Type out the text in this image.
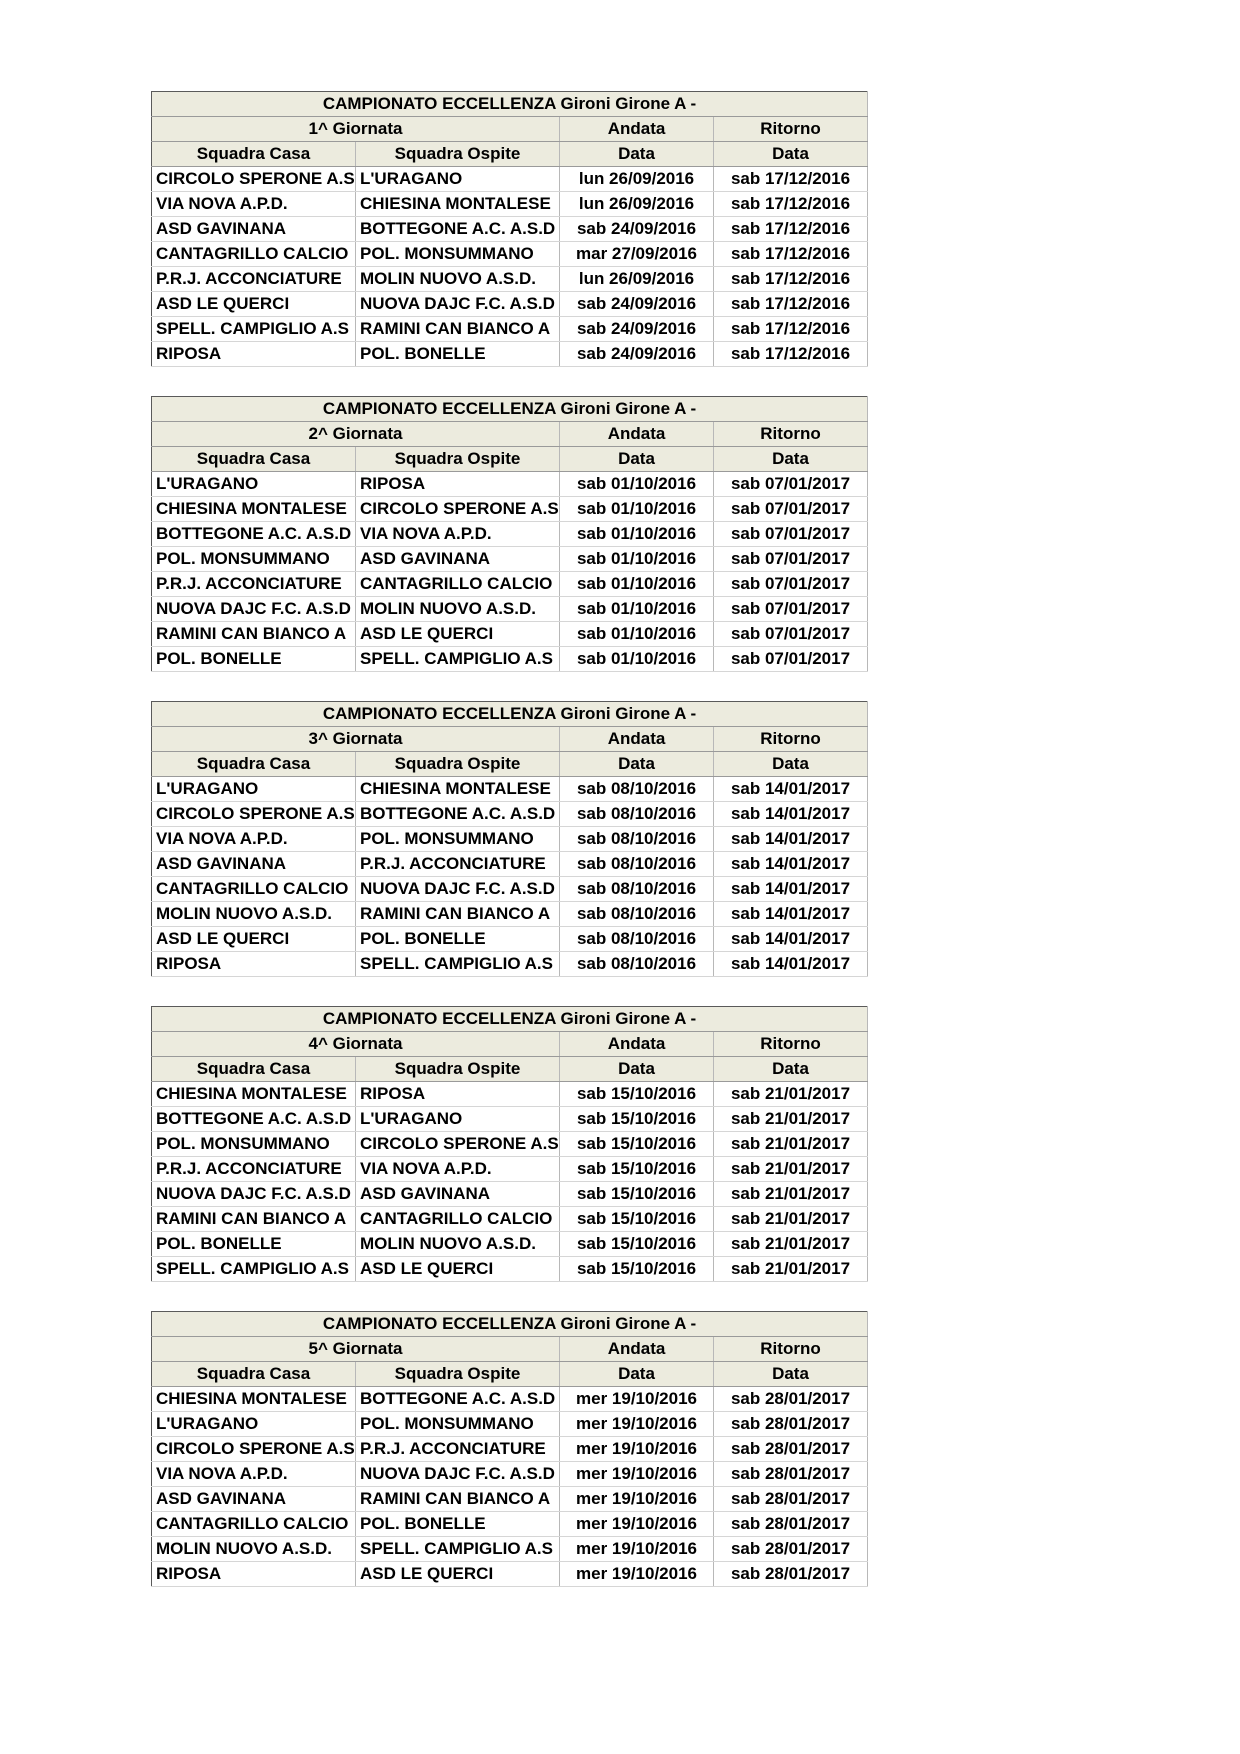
CAMPIONATO ECCELLENZA Gironi Girone A -			
1^ Giornata		Andata	Ritorno
Squadra Casa	Squadra Ospite	Data	Data
CIRCOLO SPERONE A.S	L'URAGANO	lun 26/09/2016	sab 17/12/2016
VIA NOVA A.P.D.	CHIESINA MONTALESE	lun 26/09/2016	sab 17/12/2016
ASD GAVINANA	BOTTEGONE A.C. A.S.D	sab 24/09/2016	sab 17/12/2016
CANTAGRILLO CALCIO	POL. MONSUMMANO	mar 27/09/2016	sab 17/12/2016
P.R.J. ACCONCIATURE	MOLIN NUOVO A.S.D.	lun 26/09/2016	sab 17/12/2016
ASD LE QUERCI	NUOVA DAJC F.C. A.S.D	sab 24/09/2016	sab 17/12/2016
SPELL. CAMPIGLIO A.S	RAMINI CAN BIANCO A	sab 24/09/2016	sab 17/12/2016
RIPOSA	POL. BONELLE	sab 24/09/2016	sab 17/12/2016
CAMPIONATO ECCELLENZA Gironi Girone A -			
2^ Giornata		Andata	Ritorno
Squadra Casa	Squadra Ospite	Data	Data
L'URAGANO	RIPOSA	sab 01/10/2016	sab 07/01/2017
CHIESINA MONTALESE	CIRCOLO SPERONE A.S	sab 01/10/2016	sab 07/01/2017
BOTTEGONE A.C. A.S.D	VIA NOVA A.P.D.	sab 01/10/2016	sab 07/01/2017
POL. MONSUMMANO	ASD GAVINANA	sab 01/10/2016	sab 07/01/2017
P.R.J. ACCONCIATURE	CANTAGRILLO CALCIO	sab 01/10/2016	sab 07/01/2017
NUOVA DAJC F.C. A.S.D	MOLIN NUOVO A.S.D.	sab 01/10/2016	sab 07/01/2017
RAMINI CAN BIANCO A	ASD LE QUERCI	sab 01/10/2016	sab 07/01/2017
POL. BONELLE	SPELL. CAMPIGLIO A.S	sab 01/10/2016	sab 07/01/2017
CAMPIONATO ECCELLENZA Gironi Girone A -			
3^ Giornata		Andata	Ritorno
Squadra Casa	Squadra Ospite	Data	Data
L'URAGANO	CHIESINA MONTALESE	sab 08/10/2016	sab 14/01/2017
CIRCOLO SPERONE A.S	BOTTEGONE A.C. A.S.D	sab 08/10/2016	sab 14/01/2017
VIA NOVA A.P.D.	POL. MONSUMMANO	sab 08/10/2016	sab 14/01/2017
ASD GAVINANA	P.R.J. ACCONCIATURE	sab 08/10/2016	sab 14/01/2017
CANTAGRILLO CALCIO	NUOVA DAJC F.C. A.S.D	sab 08/10/2016	sab 14/01/2017
MOLIN NUOVO A.S.D.	RAMINI CAN BIANCO A	sab 08/10/2016	sab 14/01/2017
ASD LE QUERCI	POL. BONELLE	sab 08/10/2016	sab 14/01/2017
RIPOSA	SPELL. CAMPIGLIO A.S	sab 08/10/2016	sab 14/01/2017
CAMPIONATO ECCELLENZA Gironi Girone A -			
4^ Giornata		Andata	Ritorno
Squadra Casa	Squadra Ospite	Data	Data
CHIESINA MONTALESE	RIPOSA	sab 15/10/2016	sab 21/01/2017
BOTTEGONE A.C. A.S.D	L'URAGANO	sab 15/10/2016	sab 21/01/2017
POL. MONSUMMANO	CIRCOLO SPERONE A.S	sab 15/10/2016	sab 21/01/2017
P.R.J. ACCONCIATURE	VIA NOVA A.P.D.	sab 15/10/2016	sab 21/01/2017
NUOVA DAJC F.C. A.S.D	ASD GAVINANA	sab 15/10/2016	sab 21/01/2017
RAMINI CAN BIANCO A	CANTAGRILLO CALCIO	sab 15/10/2016	sab 21/01/2017
POL. BONELLE	MOLIN NUOVO A.S.D.	sab 15/10/2016	sab 21/01/2017
SPELL. CAMPIGLIO A.S	ASD LE QUERCI	sab 15/10/2016	sab 21/01/2017
CAMPIONATO ECCELLENZA Gironi Girone A -			
5^ Giornata		Andata	Ritorno
Squadra Casa	Squadra Ospite	Data	Data
CHIESINA MONTALESE	BOTTEGONE A.C. A.S.D	mer 19/10/2016	sab 28/01/2017
L'URAGANO	POL. MONSUMMANO	mer 19/10/2016	sab 28/01/2017
CIRCOLO SPERONE A.S	P.R.J. ACCONCIATURE	mer 19/10/2016	sab 28/01/2017
VIA NOVA A.P.D.	NUOVA DAJC F.C. A.S.D	mer 19/10/2016	sab 28/01/2017
ASD GAVINANA	RAMINI CAN BIANCO A	mer 19/10/2016	sab 28/01/2017
CANTAGRILLO CALCIO	POL. BONELLE	mer 19/10/2016	sab 28/01/2017
MOLIN NUOVO A.S.D.	SPELL. CAMPIGLIO A.S	mer 19/10/2016	sab 28/01/2017
RIPOSA	ASD LE QUERCI	mer 19/10/2016	sab 28/01/2017
